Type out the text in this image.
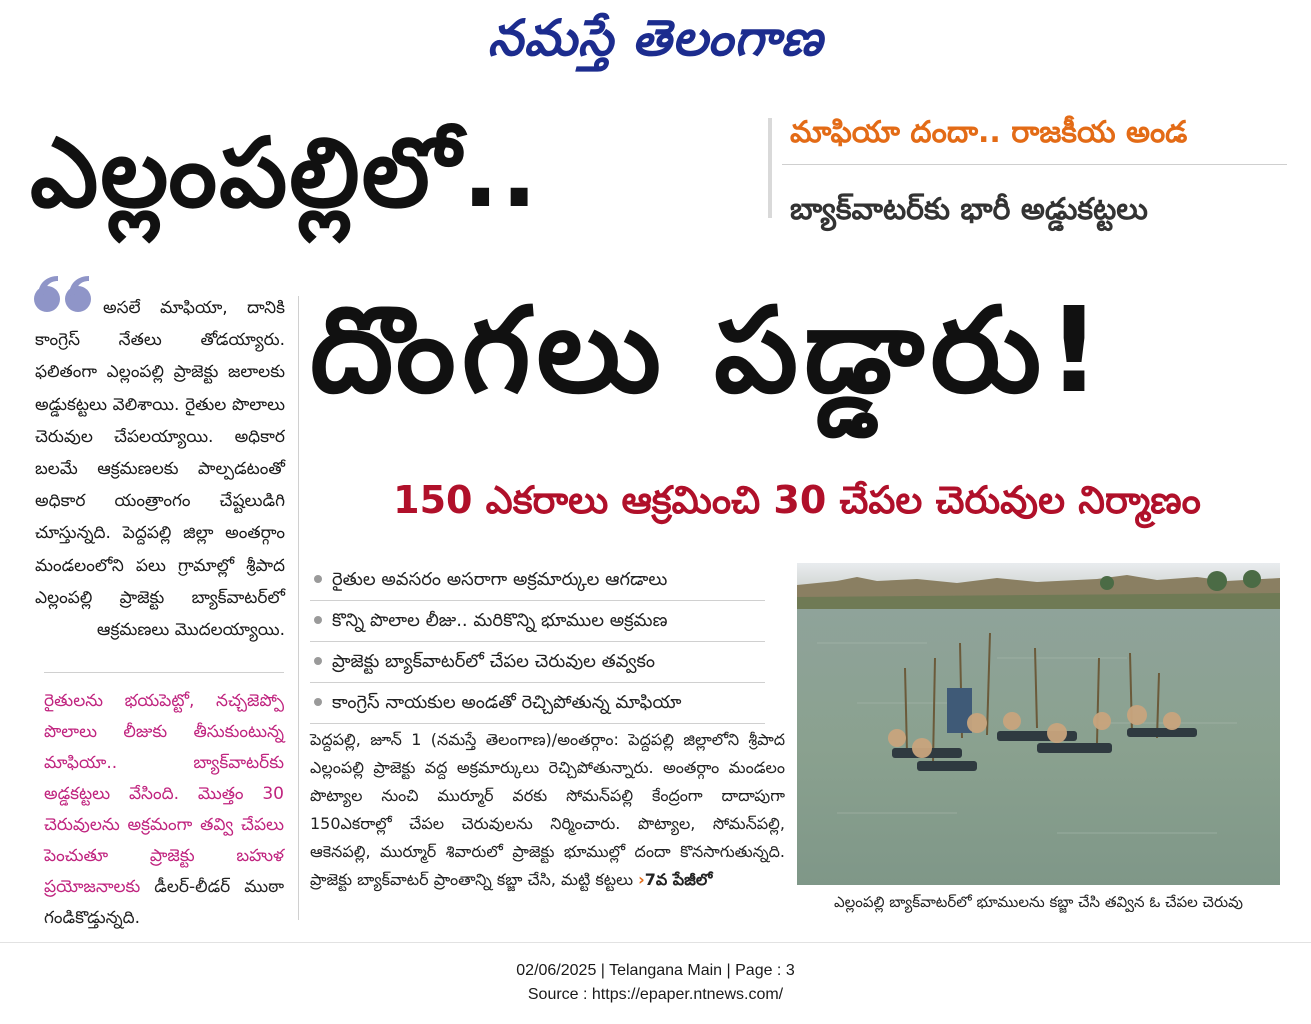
నమస్తే తెలంగాణ
మాఫియా దందా.. రాజకీయ అండ
బ్యాక్‌వాటర్‌కు భారీ అడ్డుకట్టలు
ఎల్లంపల్లిలో..
దొంగలు పడ్డారు!
అసలే మాఫియా, దానికి కాంగ్రెస్ నేతలు తోడయ్యారు. ఫలితంగా ఎల్లంపల్లి ప్రాజెక్టు జలాలకు అడ్డుకట్టలు వెలిశాయి. రైతుల పొలాలు చెరువుల చేపలయ్యాయి. అధికార బలమే ఆక్రమణలకు పాల్పడటంతో అధికార యంత్రాంగం చేష్టలుడిగి చూస్తున్నది. పెద్దపల్లి జిల్లా అంతర్గాం మండలంలోని పలు గ్రామాల్లో శ్రీపాద ఎల్లంపల్లి ప్రాజెక్టు బ్యాక్‌వాటర్‌లో ఆక్రమణలు మొదలయ్యాయి.
రైతులను భయపెట్టో, నచ్చజెప్పో పొలాలు లీజుకు తీసుకుంటున్న మాఫియా.. బ్యాక్‌వాటర్‌కు అడ్డకట్టలు వేసింది. మొత్తం 30 చెరువులను అక్రమంగా తవ్వి చేపలు పెంచుతూ ప్రాజెక్టు బహుళ ప్రయోజనాలకు డీలర్-లీడర్ ముఠా గండికొడ్తున్నది.
150 ఎకరాలు ఆక్రమించి 30 చేపల చెరువుల నిర్మాణం
రైతుల అవసరం అసరాగా అక్రమార్కుల ఆగడాలు
కొన్ని పొలాల లీజు.. మరికొన్ని భూముల అక్రమణ
ప్రాజెక్టు బ్యాక్‌వాటర్‌లో చేపల చెరువుల తవ్వకం
కాంగ్రెస్ నాయకుల అండతో రెచ్చిపోతున్న మాఫియా
పెద్దపల్లి, జూన్ 1 (నమస్తే తెలంగాణ)/అంతర్గాం: పెద్దపల్లి జిల్లాలోని శ్రీపాద ఎల్లంపల్లి ప్రాజెక్టు వద్ద అక్రమార్కులు రెచ్చిపోతున్నారు. అంతర్గాం మండలం పొట్యాల నుంచి ముర్మూర్ వరకు సోమన్‌పల్లి కేంద్రంగా దాదాపుగా 150ఎకరాల్లో చేపల చెరువులను నిర్మించారు. పొట్యాల, సోమన్‌పల్లి, ఆకెనపల్లి, ముర్మూర్ శివారులో ప్రాజెక్టు భూముల్లో దందా కొనసాగుతున్నది. ప్రాజెక్టు బ్యాక్‌వాటర్ ప్రాంతాన్ని కబ్జా చేసి, మట్టి కట్టలు ›7వ పేజీలో
ఎల్లంపల్లి బ్యాక్‌వాటర్‌లో భూములను కబ్జా చేసి తవ్విన ఓ చేపల చెరువు
02/06/2025 | Telangana Main | Page : 3
Source : https://epaper.ntnews.com/
